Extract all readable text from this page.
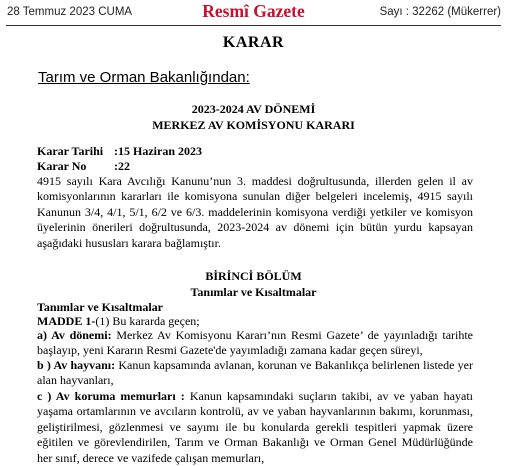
28 Temmuz 2023 CUMA	Resmî Gazete	Sayı : 32262 (Mükerrer)
KARAR
Tarım ve Orman Bakanlığından:
2023-2024 AV DÖNEMİ
MERKEZ AV KOMİSYONU KARARI
Karar Tarihi :15 Haziran 2023
Karar No :22
4915 sayılı Kara Avcılığı Kanunu’nun 3. maddesi doğrultusunda, illerden gelen il av komisyonlarının kararları ile komisyona sunulan diğer belgeleri incelemiş, 4915 sayılı Kanunun 3/4, 4/1, 5/1, 6/2 ve 6/3. maddelerinin komisyona verdiği yetkiler ve komisyon üyelerinin önerileri doğrultusunda, 2023-2024 av dönemi için bütün yurdu kapsayan aşağıdaki hususları karara bağlamıştır.
BİRİNCİ BÖLÜM
Tanımlar ve Kısaltmalar
Tanımlar ve Kısaltmalar
MADDE 1-(1) Bu kararda geçen;
a) Av dönemi: Merkez Av Komisyonu Kararı’nın Resmi Gazete’ de yayınladığı tarihte başlayıp, yeni Kararın Resmi Gazete'de yayımladığı zamana kadar geçen süreyi,
b ) Av hayvanı: Kanun kapsamında avlanan, korunan ve Bakanlıkça belirlenen listede yer alan hayvanları,
c ) Av koruma memurları : Kanun kapsamındaki suçların takibi, av ve yaban hayatı yaşama ortamlarının ve avcıların kontrolü, av ve yaban hayvanlarının bakımı, korunması, geliştirilmesi, gözlenmesi ve sayımı ile bu konularda gerekli tespitleri yapmak üzere eğitilen ve görevlendirilen, Tarım ve Orman Bakanlığı ve Orman Genel Müdürlüğünde her sınıf, derece ve vazifede çalışan memurları,
